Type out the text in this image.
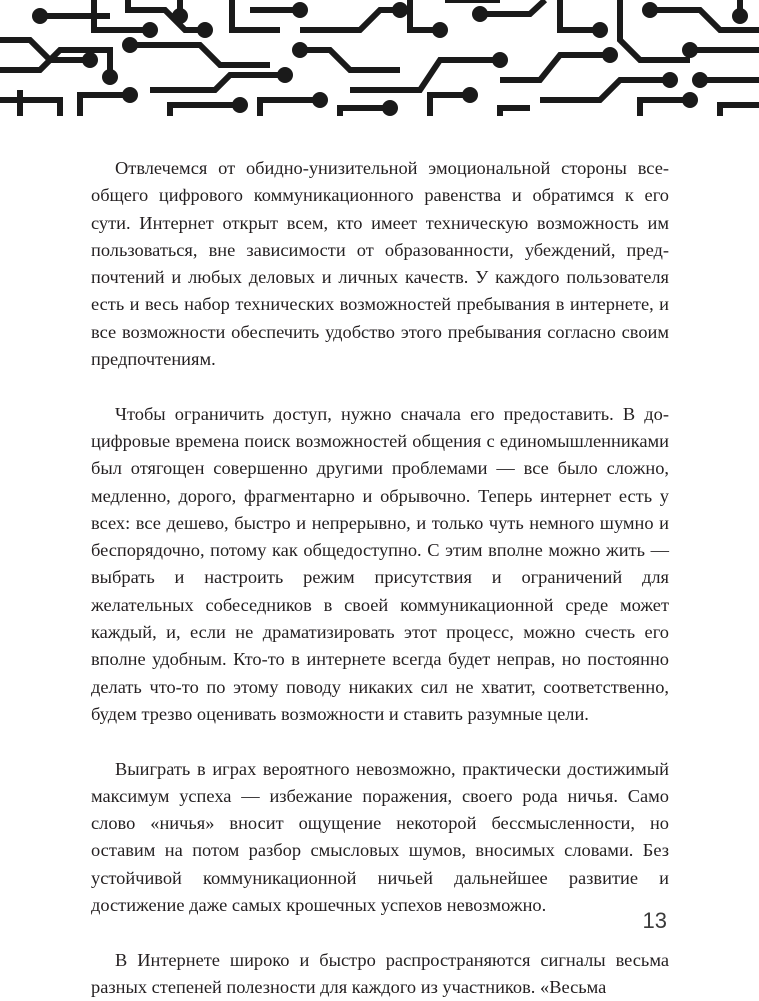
Отвлечемся от обидно-унизительной эмоциональной стороны всеобщего цифрового коммуникационного равенства и обратимся к его сути. Интернет открыт всем, кто имеет техническую возможность им пользоваться, вне зависимости от образованности, убеждений, предпочтений и любых деловых и личных качеств. У каждого пользователя есть и весь набор технических возможностей пребывания в интернете, и все возможности обеспечить удобство этого пребывания согласно своим предпочтениям.

Чтобы ограничить доступ, нужно сначала его предоставить. В доцифровые времена поиск возможностей общения с единомышленниками был отягощен совершенно другими проблемами — все было сложно, медленно, дорого, фрагментарно и обрывочно. Теперь интернет есть у всех: все дешево, быстро и непрерывно, и только чуть немного шумно и беспорядочно, потому как общедоступно. С этим вполне можно жить — выбрать и настроить режим присутствия и ограничений для желательных собеседников в своей коммуникационной среде может каждый, и, если не драматизировать этот процесс, можно счесть его вполне удобным. Кто-то в интернете всегда будет неправ, но постоянно делать что-то по этому поводу никаких сил не хватит, соответственно, будем трезво оценивать возможности и ставить разумные цели.

Выиграть в играх вероятного невозможно, практически достижимый максимум успеха — избежание поражения, своего рода ничья. Само слово «ничья» вносит ощущение некоторой бессмысленности, но оставим на потом разбор смысловых шумов, вносимых словами. Без устойчивой коммуникационной ничьей дальнейшее развитие и достижение даже самых крошечных успехов невозможно.

В Интернете широко и быстро распространяются сигналы весьма разных степеней полезности для каждого из участников. «Весьма

13
